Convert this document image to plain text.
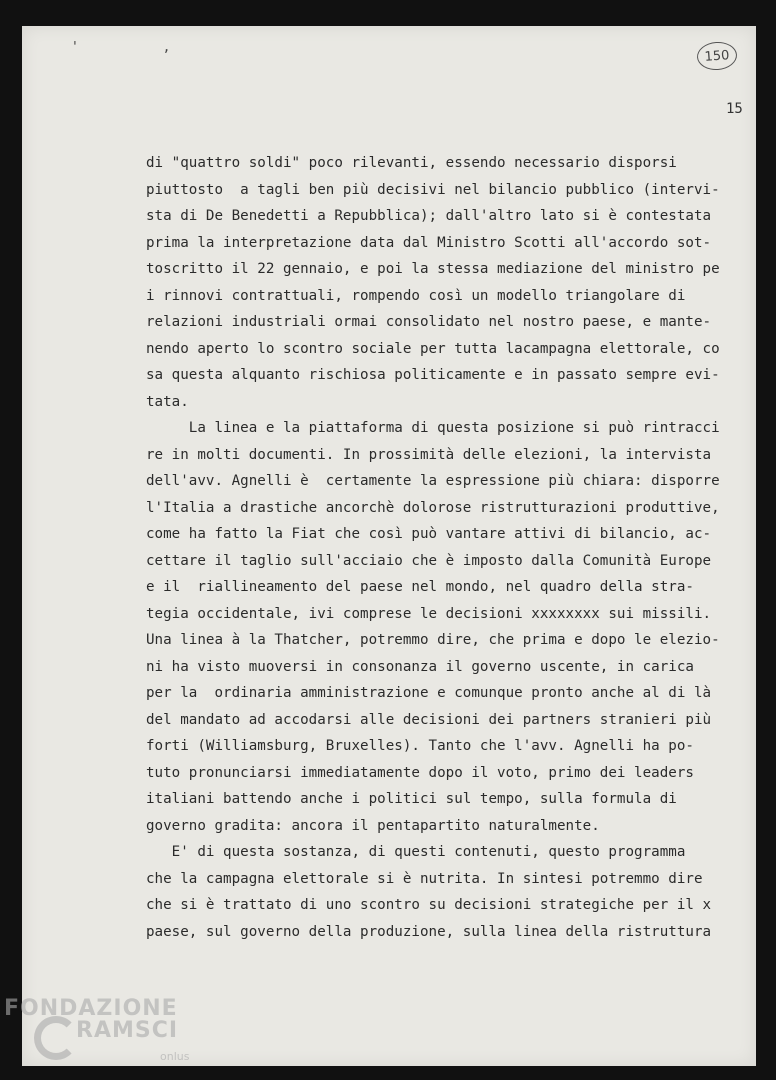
' ,
150
15
di "quattro soldi" poco rilevanti, essendo necessario disporsi
piuttosto  a tagli ben più decisivi nel bilancio pubblico (intervi-
sta di De Benedetti a Repubblica); dall'altro lato si è contestata
prima la interpretazione data dal Ministro Scotti all'accordo sot-
toscritto il 22 gennaio, e poi la stessa mediazione del ministro pe
i rinnovi contrattuali, rompendo così un modello triangolare di
relazioni industriali ormai consolidato nel nostro paese, e mante-
nendo aperto lo scontro sociale per tutta lacampagna elettorale, co
sa questa alquanto rischiosa politicamente e in passato sempre evi-
tata.
La linea e la piattaforma di questa posizione si può rintracci
re in molti documenti. In prossimità delle elezioni, la intervista
dell'avv. Agnelli è  certamente la espressione più chiara: disporre
l'Italia a drastiche ancorchè dolorose ristrutturazioni produttive,
come ha fatto la Fiat che così può vantare attivi di bilancio, ac-
cettare il taglio sull'acciaio che è imposto dalla Comunità Europe
e il  riallineamento del paese nel mondo, nel quadro della stra-
tegia occidentale, ivi comprese le decisioni xxxxxxxx sui missili.
Una linea à la Thatcher, potremmo dire, che prima e dopo le elezio-
ni ha visto muoversi in consonanza il governo uscente, in carica
per la  ordinaria amministrazione e comunque pronto anche al di là
del mandato ad accodarsi alle decisioni dei partners stranieri più
forti (Williamsburg, Bruxelles). Tanto che l'avv. Agnelli ha po-
tuto pronunciarsi immediatamente dopo il voto, primo dei leaders
italiani battendo anche i politici sul tempo, sulla formula di
governo gradita: ancora il pentapartito naturalmente.
E' di questa sostanza, di questi contenuti, questo programma
che la campagna elettorale si è nutrita. In sintesi potremmo dire
che si è trattato di uno scontro su decisioni strategiche per il x
paese, sul governo della produzione, sulla linea della ristruttura
FONDAZIONE
RAMSCI
onlus
